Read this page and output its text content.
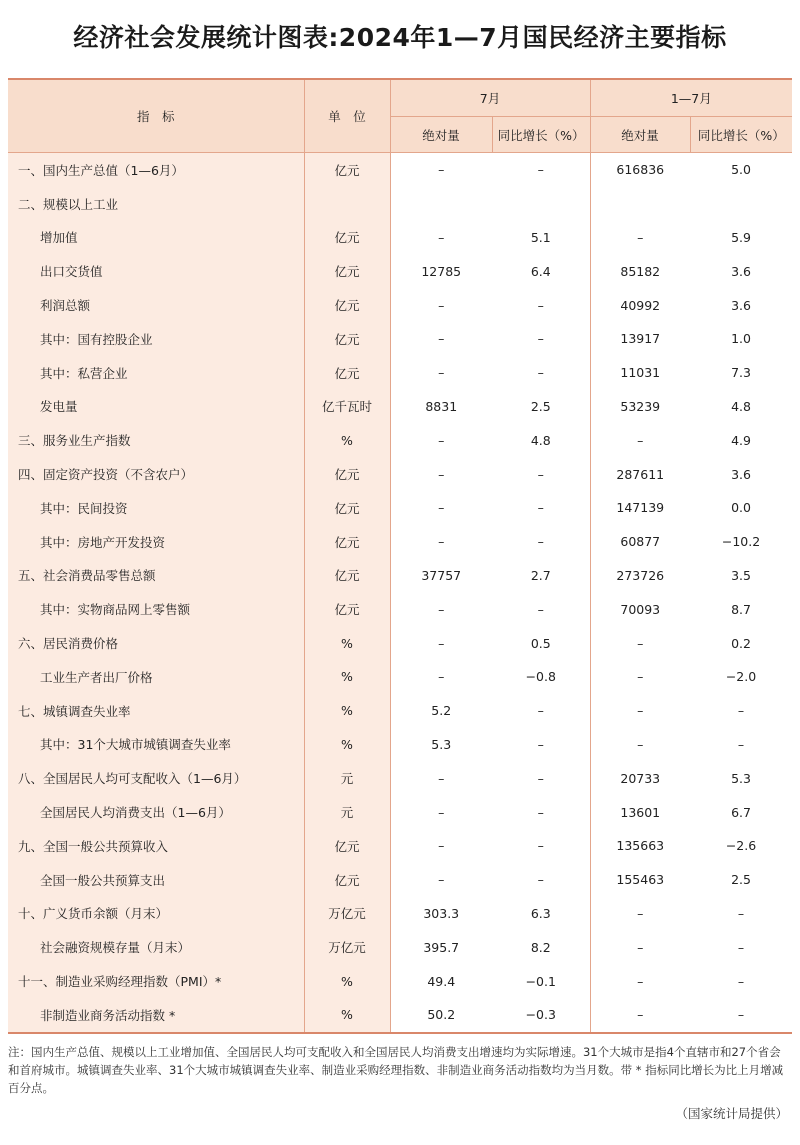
经济社会发展统计图表:2024年1—7月国民经济主要指标
指　标	单　位	7月		1—7月	
		绝对量	同比增长（%）	绝对量	同比增长（%）
一、国内生产总值（1—6月）	亿元	–	–	616836	5.0
二、规模以上工业					
增加值	亿元	–	5.1	–	5.9
出口交货值	亿元	12785	6.4	85182	3.6
利润总额	亿元	–	–	40992	3.6
其中：国有控股企业	亿元	–	–	13917	1.0
其中：私营企业	亿元	–	–	11031	7.3
发电量	亿千瓦时	8831	2.5	53239	4.8
三、服务业生产指数	%	–	4.8	–	4.9
四、固定资产投资（不含农户）	亿元	–	–	287611	3.6
其中：民间投资	亿元	–	–	147139	0.0
其中：房地产开发投资	亿元	–	–	60877	−10.2
五、社会消费品零售总额	亿元	37757	2.7	273726	3.5
其中：实物商品网上零售额	亿元	–	–	70093	8.7
六、居民消费价格	%	–	0.5	–	0.2
工业生产者出厂价格	%	–	−0.8	–	−2.0
七、城镇调查失业率	%	5.2	–	–	–
其中：31个大城市城镇调查失业率	%	5.3	–	–	–
八、全国居民人均可支配收入（1—6月）	元	–	–	20733	5.3
全国居民人均消费支出（1—6月）	元	–	–	13601	6.7
九、全国一般公共预算收入	亿元	–	–	135663	−2.6
全国一般公共预算支出	亿元	–	–	155463	2.5
十、广义货币余额（月末）	万亿元	303.3	6.3	–	–
社会融资规模存量（月末）	万亿元	395.7	8.2	–	–
十一、制造业采购经理指数（PMI）*	%	49.4	−0.1	–	–
非制造业商务活动指数 *	%	50.2	−0.3	–	–
注：国内生产总值、规模以上工业增加值、全国居民人均可支配收入和全国居民人均消费支出增速均为实际增速。31个大城市是指4个直辖市和27个省会和首府城市。城镇调查失业率、31个大城市城镇调查失业率、制造业采购经理指数、非制造业商务活动指数均为当月数。带 * 指标同比增长为比上月增减百分点。
（国家统计局提供）
